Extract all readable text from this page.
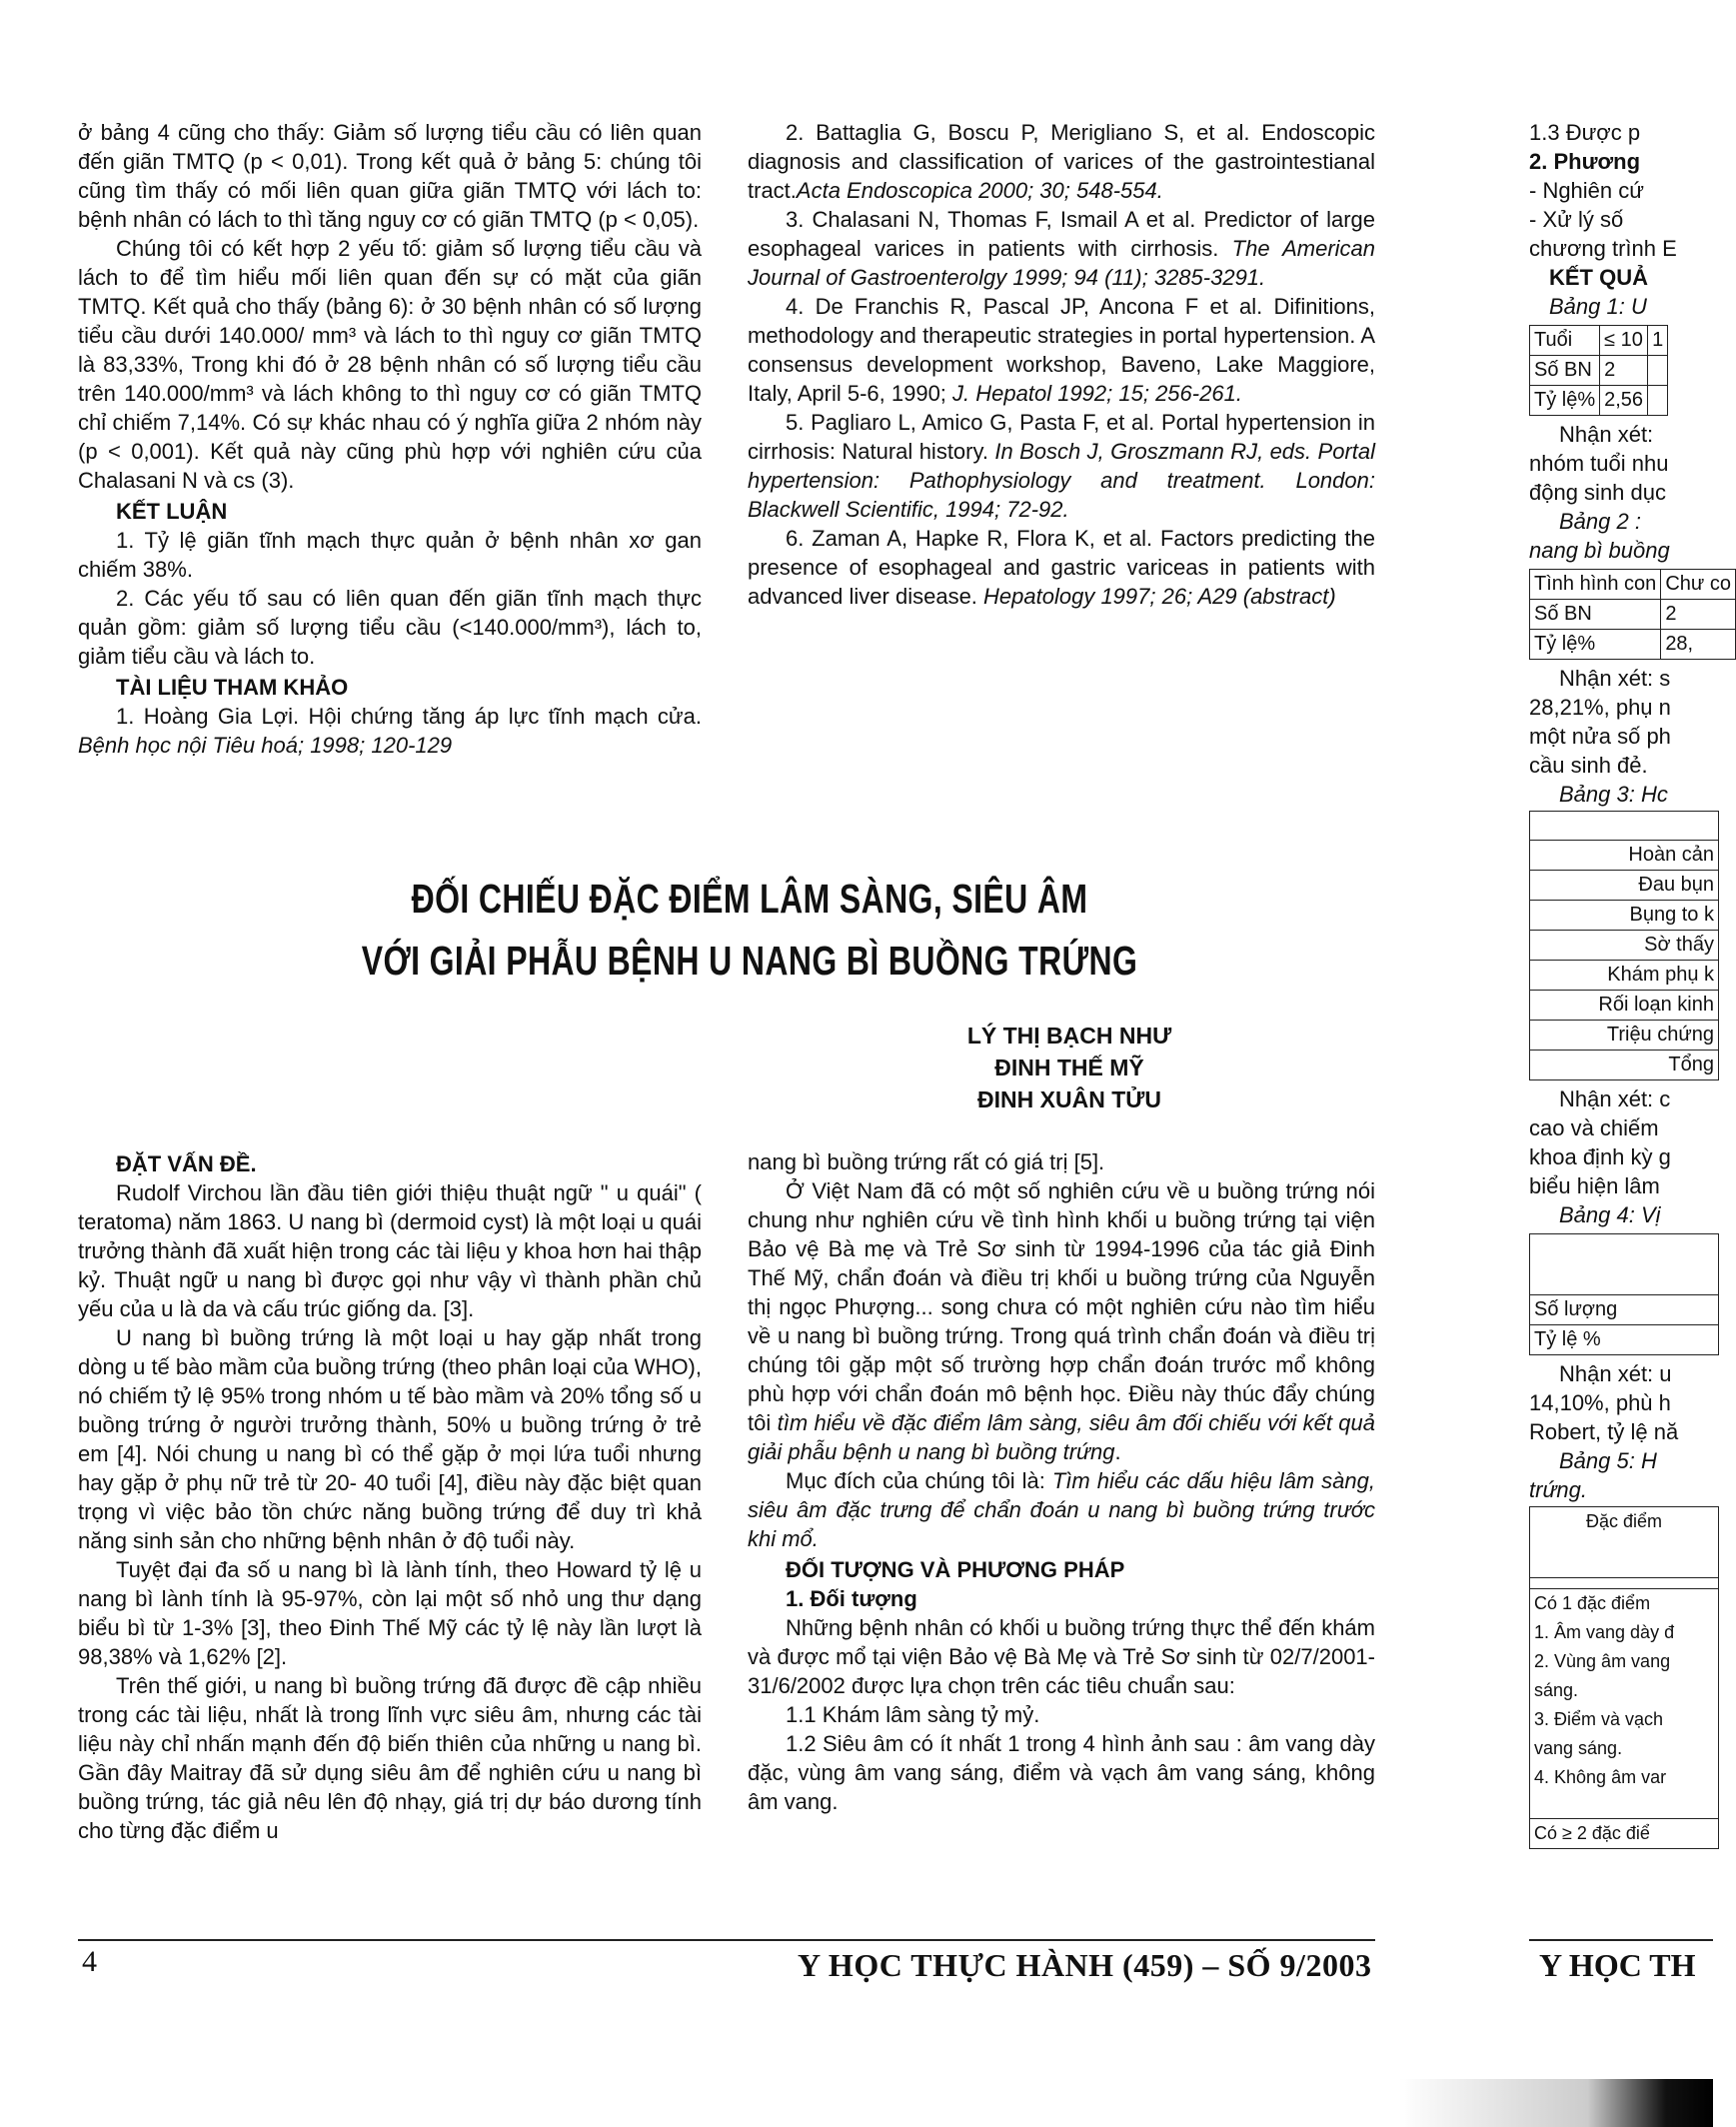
ở bảng 4 cũng cho thấy: Giảm số lượng tiểu cầu có liên quan đến giãn TMTQ (p < 0,01). Trong kết quả ở bảng 5: chúng tôi cũng tìm thấy có mối liên quan giữa giãn TMTQ với lách to: bệnh nhân có lách to thì tăng nguy cơ có giãn TMTQ (p < 0,05).

Chúng tôi có kết hợp 2 yếu tố: giảm số lượng tiểu cầu và lách to để tìm hiểu mối liên quan đến sự có mặt của giãn TMTQ. Kết quả cho thấy (bảng 6): ở 30 bệnh nhân có số lượng tiểu cầu dưới 140.000/ mm³ và lách to thì nguy cơ giãn TMTQ là 83,33%, Trong khi đó ở 28 bệnh nhân có số lượng tiểu cầu trên 140.000/mm³ và lách không to thì nguy cơ có giãn TMTQ chỉ chiếm 7,14%. Có sự khác nhau có ý nghĩa giữa 2 nhóm này (p < 0,001). Kết quả này cũng phù hợp với nghiên cứu của Chalasani N và cs (3).

KẾT LUẬN

1. Tỷ lệ giãn tĩnh mạch thực quản ở bệnh nhân xơ gan chiếm 38%.

2. Các yếu tố sau có liên quan đến giãn tĩnh mạch thực quản gồm: giảm số lượng tiểu cầu (<140.000/mm³), lách to, giảm tiểu cầu và lách to.

TÀI LIỆU THAM KHẢO

1. Hoàng Gia Lợi. Hội chứng tăng áp lực tĩnh mạch cửa. Bệnh học nội Tiêu hoá; 1998; 120-129

2. Battaglia G, Boscu P, Merigliano S, et al. Endoscopic diagnosis and classification of varices of the gastrointestianal tract.Acta Endoscopica 2000; 30; 548-554.

3. Chalasani N, Thomas F, Ismail A et al. Predictor of large esophageal varices in patients with cirrhosis. The American Journal of Gastroenterolgy 1999; 94 (11); 3285-3291.

4. De Franchis R, Pascal JP, Ancona F et al. Difinitions, methodology and therapeutic strategies in portal hypertension. A consensus development workshop, Baveno, Lake Maggiore, Italy, April 5-6, 1990; J. Hepatol 1992; 15; 256-261.

5. Pagliaro L, Amico G, Pasta F, et al. Portal hypertension in cirrhosis: Natural history. In Bosch J, Groszmann RJ, eds. Portal hypertension: Pathophysiology and treatment. London: Blackwell Scientific, 1994; 72-92.

6. Zaman A, Hapke R, Flora K, et al. Factors predicting the presence of esophageal and gastric variceas in patients with advanced liver disease. Hepatology 1997; 26; A29 (abstract)

ĐỐI CHIẾU ĐẶC ĐIỂM LÂM SÀNG, SIÊU ÂM
VỚI GIẢI PHẪU BỆNH U NANG BÌ BUỒNG TRỨNG
LÝ THỊ BẠCH NHƯ
ĐINH THẾ MỸ
ĐINH XUÂN TỬU
ĐẶT VẤN ĐỀ.

Rudolf Virchou lần đầu tiên giới thiệu thuật ngữ " u quái" ( teratoma) năm 1863. U nang bì (dermoid cyst) là một loại u quái trưởng thành đã xuất hiện trong các tài liệu y khoa hơn hai thập kỷ. Thuật ngữ u nang bì được gọi như vậy vì thành phần chủ yếu của u là da và cấu trúc giống da. [3].

U nang bì buồng trứng là một loại u hay gặp nhất trong dòng u tế bào mầm của buồng trứng (theo phân loại của WHO), nó chiếm tỷ lệ 95% trong nhóm u tế bào mầm và 20% tổng số u buồng trứng ở người trưởng thành, 50% u buồng trứng ở trẻ em [4]. Nói chung u nang bì có thể gặp ở mọi lứa tuổi nhưng hay gặp ở phụ nữ trẻ từ 20- 40 tuổi [4], điều này đặc biệt quan trọng vì việc bảo tồn chức năng buồng trứng để duy trì khả năng sinh sản cho những bệnh nhân ở độ tuổi này.

Tuyệt đại đa số u nang bì là lành tính, theo Howard tỷ lệ u nang bì lành tính là 95-97%, còn lại một số nhỏ ung thư dạng biểu bì từ 1-3% [3], theo Đinh Thế Mỹ các tỷ lệ này lần lượt là 98,38% và 1,62% [2].

Trên thế giới, u nang bì buồng trứng đã được đề cập nhiều trong các tài liệu, nhất là trong lĩnh vực siêu âm, nhưng các tài liệu này chỉ nhấn mạnh đến độ biến thiên của những u nang bì. Gần đây Maitray đã sử dụng siêu âm để nghiên cứu u nang bì buồng trứng, tác giả nêu lên độ nhạy, giá trị dự báo dương tính cho từng đặc điểm u

nang bì buồng trứng rất có giá trị [5].

Ở Việt Nam đã có một số nghiên cứu về u buồng trứng nói chung như nghiên cứu về tình hình khối u buồng trứng tại viện Bảo vệ Bà mẹ và Trẻ Sơ sinh từ 1994-1996 của tác giả Đinh Thế Mỹ, chẩn đoán và điều trị khối u buồng trứng của Nguyễn thị ngọc Phượng... song chưa có một nghiên cứu nào tìm hiểu về u nang bì buồng trứng. Trong quá trình chẩn đoán và điều trị chúng tôi gặp một số trường hợp chẩn đoán trước mổ không phù hợp với chẩn đoán mô bệnh học. Điều này thúc đẩy chúng tôi tìm hiểu về đặc điểm lâm sàng, siêu âm đối chiếu với kết quả giải phẫu bệnh u nang bì buồng trứng.

Mục đích của chúng tôi là: Tìm hiểu các dấu hiệu lâm sàng, siêu âm đặc trưng để chẩn đoán u nang bì buồng trứng trước khi mổ.

ĐỐI TƯỢNG VÀ PHƯƠNG PHÁP
1. Đối tượng

Những bệnh nhân có khối u buồng trứng thực thể đến khám và được mổ tại viện Bảo vệ Bà Mẹ và Trẻ Sơ sinh từ 02/7/2001-31/6/2002 được lựa chọn trên các tiêu chuẩn sau:

1.1 Khám lâm sàng tỷ mỷ.

1.2 Siêu âm có ít nhất 1 trong 4 hình ảnh sau : âm vang dày đặc, vùng âm vang sáng, điểm và vạch âm vang sáng, không âm vang.

4	Y HỌC THỰC HÀNH (459) – SỐ 9/2003
1.3 Được p
2. Phương
- Nghiên cứ
- Xử lý số
chương trình E
KẾT QUẢ
Bảng 1: U
Tuổi	≤ 10	1
Số BN	2	
Tỷ lệ%	2,56	
Nhận xét:
nhóm tuổi nhu
động sinh dục
Bảng 2 :
nang bì buồng
Tình hình con	Chư co
Số BN	2
Tỷ lệ%	28,
Nhận xét: s
28,21%, phụ n
một nửa số ph
cầu sinh đẻ.
Bảng 3: Hc

Hoàn cản
Đau bụn
Bụng to k
Sờ thấy
Khám phụ k
Rối loạn kinh
Triệu chứng
Tổng
Nhận xét: c
cao và chiếm
khoa định kỳ g
biểu hiện lâm
Bảng 4: Vị

Số lượng
Tỷ lệ %
Nhận xét: u
14,10%, phù h
Robert, tỷ lệ nă
Bảng 5: H
trứng.
Đặc điểm

Có 1 đặc điểm
1. Âm vang dày đ
2. Vùng âm vang
sáng.
3. Điểm và vạch
vang sáng.
4. Không âm var

Có ≥ 2 đặc điể
Y HỌC TH
